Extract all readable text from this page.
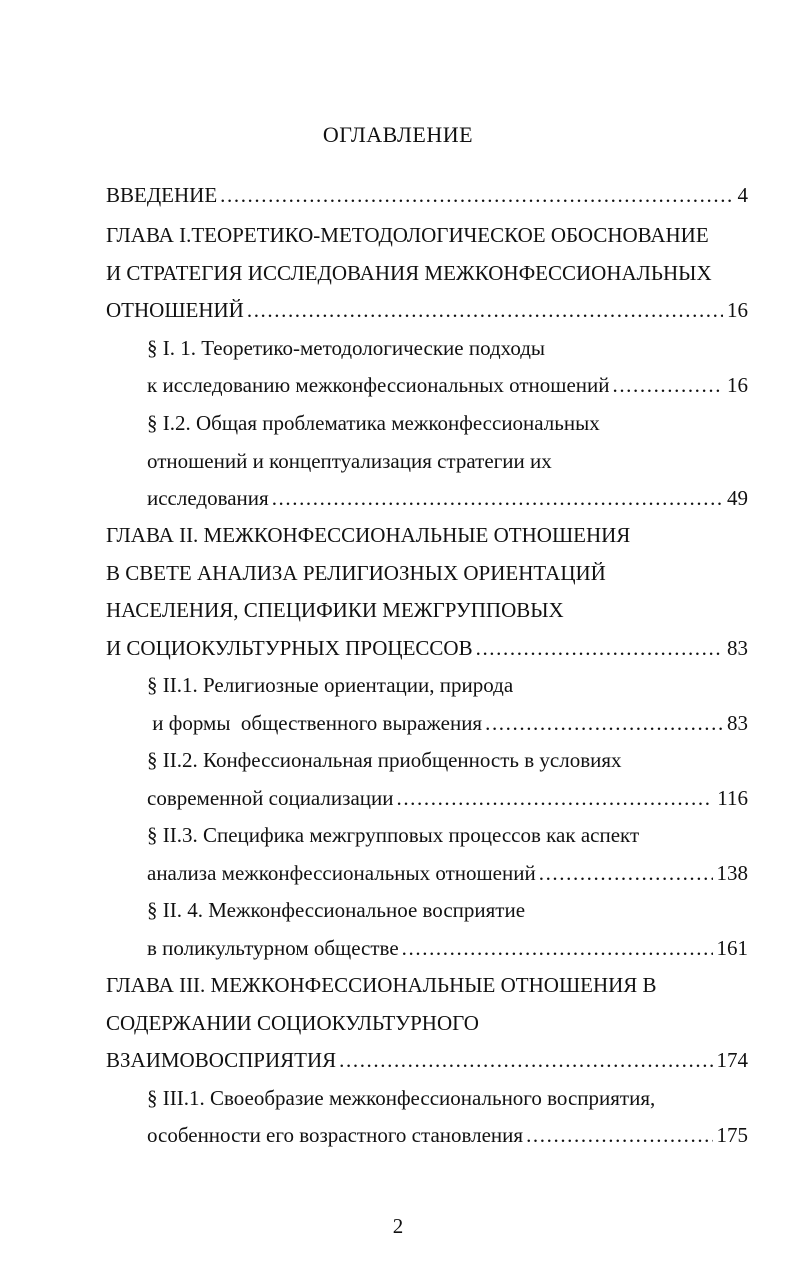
ОГЛАВЛЕНИЕ
ВВЕДЕНИЕ .....	4
ГЛАВА I.ТЕОРЕТИКО-МЕТОДОЛОГИЧЕСКОЕ ОБОСНОВАНИЕ
И СТРАТЕГИЯ ИССЛЕДОВАНИЯ МЕЖКОНФЕССИОНАЛЬНЫХ
ОТНОШЕНИЙ .....	16
§ I. 1. Теоретико-методологические подходы
к исследованию межконфессиональных отношений .....	16
§ I.2. Общая проблематика межконфессиональных
отношений и концептуализация стратегии их
исследования .....	49
ГЛАВА II. МЕЖКОНФЕССИОНАЛЬНЫЕ ОТНОШЕНИЯ
В СВЕТЕ АНАЛИЗА РЕЛИГИОЗНЫХ ОРИЕНТАЦИЙ
НАСЕЛЕНИЯ, СПЕЦИФИКИ МЕЖГРУППОВЫХ
И СОЦИОКУЛЬТУРНЫХ ПРОЦЕССОВ .....	83
§ II.1. Религиозные ориентации, природа
и формы  общественного выражения .....	83
§ II.2. Конфессиональная приобщенность в условиях
современной социализации .....	116
§ II.3. Специфика межгрупповых процессов как аспект
анализа межконфессиональных отношений .....	138
§ II. 4. Межконфессиональное восприятие
в поликультурном обществе .....	161
ГЛАВА III. МЕЖКОНФЕССИОНАЛЬНЫЕ ОТНОШЕНИЯ В
СОДЕРЖАНИИ СОЦИОКУЛЬТУРНОГО
ВЗАИМОВОСПРИЯТИЯ .....	174
§ III.1. Своеобразие межконфессионального восприятия,
особенности его возрастного становления .....	175
2
